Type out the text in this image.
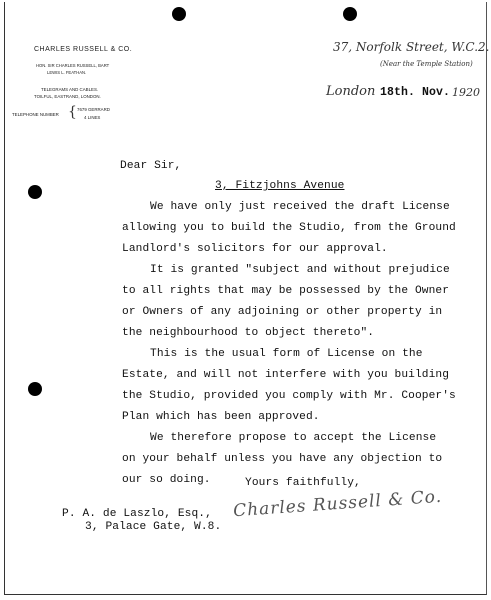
CHARLES RUSSELL & CO.
HON. SIR CHARLES RUSSELL, BART
LEWIS L. FEATHAN.
TELEGRAMS AND CABLES.
TOILFUL, EASTRAND, LONDON.
TELEPHONE NUMBER { 7679 GERRARD
4 LINES
37, Norfolk Street, W.C.2.
(Near the Temple Station)
London 18th. Nov. 1920
Dear Sir,
3, Fitzjohns Avenue
We have only just received the draft License
allowing you to build the Studio, from the Ground
Landlord's solicitors for our approval.
It is granted "subject and without prejudice
to all rights that may be possessed by the Owner
or Owners of any adjoining or other property in
the neighbourhood to object thereto".
This is the usual form of License on the
Estate, and will not interfere with you building
the Studio, provided you comply with Mr. Cooper's
Plan which has been approved.
We therefore propose to accept the License
on your behalf unless you have any objection to
our so doing.	Yours faithfully,
Charles Russell & Co.
P. A. de Laszlo, Esq.,
3, Palace Gate, W.8.
